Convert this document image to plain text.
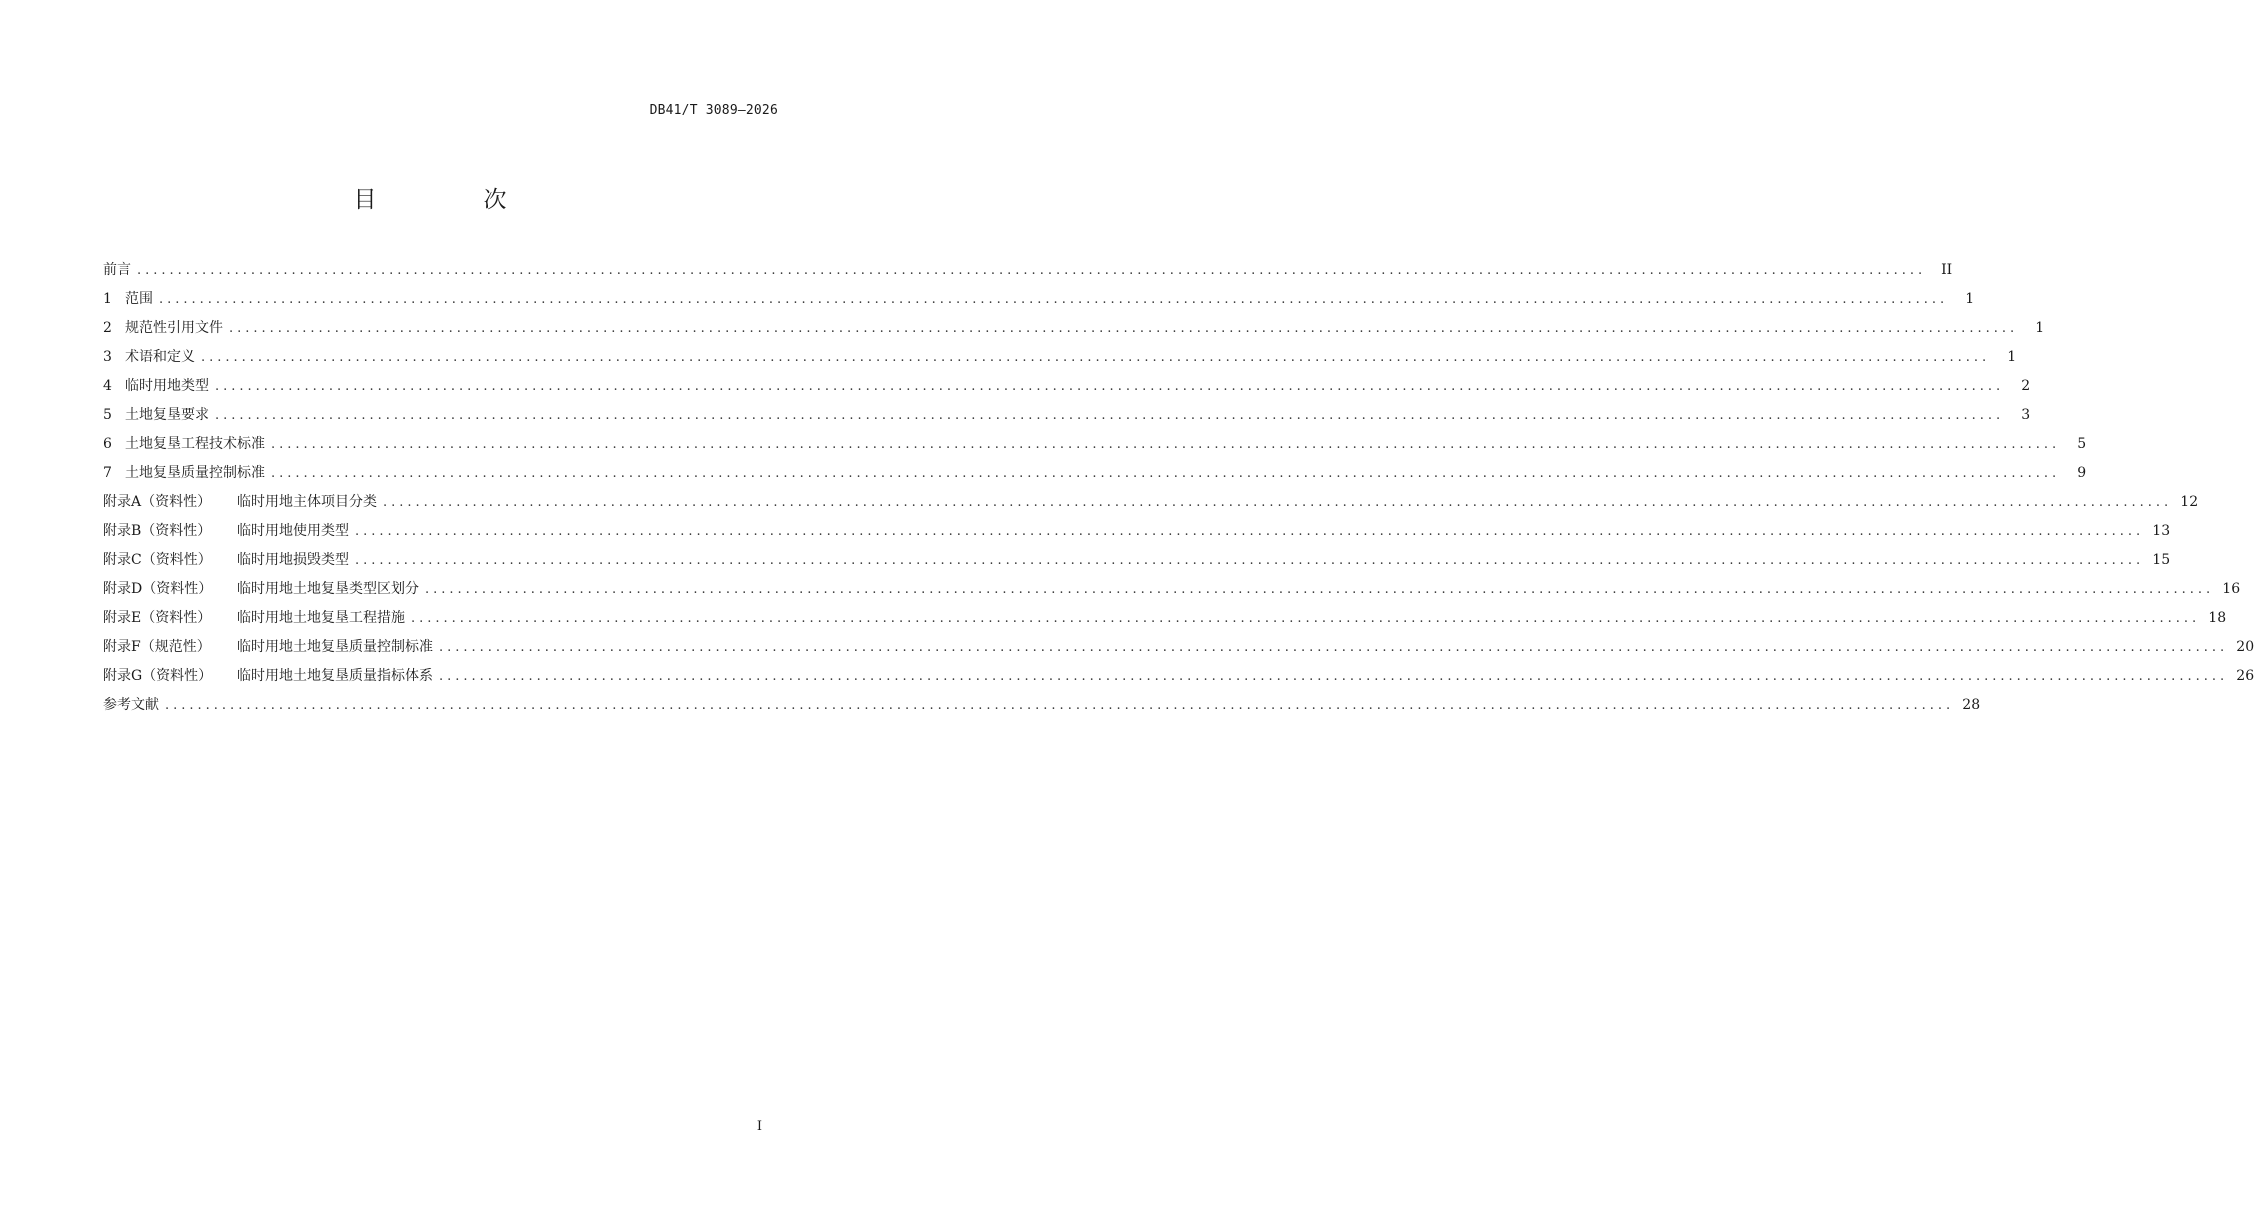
DB41/T 3089—2026
目　次
前言 ............................................................................................................................................................................................................................	II
1 范围 ............................................................................................................................................................................................................................	1
2 规范性引用文件 ............................................................................................................................................................................................................................	1
3 术语和定义 ............................................................................................................................................................................................................................	1
4 临时用地类型 ............................................................................................................................................................................................................................	2
5 土地复垦要求 ............................................................................................................................................................................................................................	3
6 土地复垦工程技术标准 ............................................................................................................................................................................................................................	5
7 土地复垦质量控制标准 ............................................................................................................................................................................................................................	9
附录A（资料性） 临时用地主体项目分类 ............................................................................................................................................................................................................................ 12
附录B（资料性） 临时用地使用类型 ............................................................................................................................................................................................................................ 13
附录C（资料性） 临时用地损毁类型 ............................................................................................................................................................................................................................ 15
附录D（资料性） 临时用地土地复垦类型区划分 ............................................................................................................................................................................................................................ 16
附录E（资料性） 临时用地土地复垦工程措施 ............................................................................................................................................................................................................................ 18
附录F（规范性） 临时用地土地复垦质量控制标准 ............................................................................................................................................................................................................................ 20
附录G（资料性） 临时用地土地复垦质量指标体系 ............................................................................................................................................................................................................................ 26
参考文献 ............................................................................................................................................................................................................................ 28
I
